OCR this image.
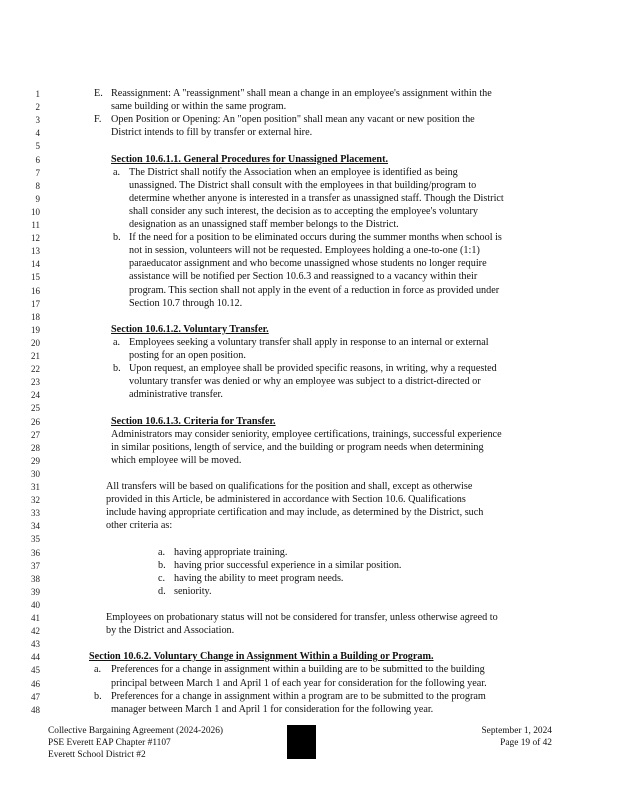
1	E. Reassignment: A "reassignment" shall mean a change in an employee's assignment within the
2	same building or within the same program.
3	F. Open Position or Opening: An "open position" shall mean any vacant or new position the
4	District intends to fill by transfer or external hire.
5
6	Section 10.6.1.1. General Procedures for Unassigned Placement.
7	a. The District shall notify the Association when an employee is identified as being
8	unassigned. The District shall consult with the employees in that building/program to
9	determine whether anyone is interested in a transfer as unassigned staff. Though the District
10	shall consider any such interest, the decision as to accepting the employee's voluntary
11	designation as an unassigned staff member belongs to the District.
12	b. If the need for a position to be eliminated occurs during the summer months when school is
13	not in session, volunteers will not be requested. Employees holding a one-to-one (1:1)
14	paraeducator assignment and who become unassigned whose students no longer require
15	assistance will be notified per Section 10.6.3 and reassigned to a vacancy within their
16	program. This section shall not apply in the event of a reduction in force as provided under
17	Section 10.7 through 10.12.
18
19	Section 10.6.1.2. Voluntary Transfer.
20	a. Employees seeking a voluntary transfer shall apply in response to an internal or external
21	posting for an open position.
22	b. Upon request, an employee shall be provided specific reasons, in writing, why a requested
23	voluntary transfer was denied or why an employee was subject to a district-directed or
24	administrative transfer.
25
26	Section 10.6.1.3. Criteria for Transfer.
27	Administrators may consider seniority, employee certifications, trainings, successful experience
28	in similar positions, length of service, and the building or program needs when determining
29	which employee will be moved.
30
31	All transfers will be based on qualifications for the position and shall, except as otherwise
32	provided in this Article, be administered in accordance with Section 10.6. Qualifications
33	include having appropriate certification and may include, as determined by the District, such
34	other criteria as:
35
36	a. having appropriate training.
37	b. having prior successful experience in a similar position.
38	c. having the ability to meet program needs.
39	d. seniority.
40
41	Employees on probationary status will not be considered for transfer, unless otherwise agreed to
42	by the District and Association.
43
44	Section 10.6.2. Voluntary Change in Assignment Within a Building or Program.
45	a. Preferences for a change in assignment within a building are to be submitted to the building
46	principal between March 1 and April 1 of each year for consideration for the following year.
47	b. Preferences for a change in assignment within a program are to be submitted to the program
48	manager between March 1 and April 1 for consideration for the following year.
Collective Bargaining Agreement (2024-2026)
PSE Everett EAP Chapter #1107
Everett School District #2
September 1, 2024
Page 19 of 42
